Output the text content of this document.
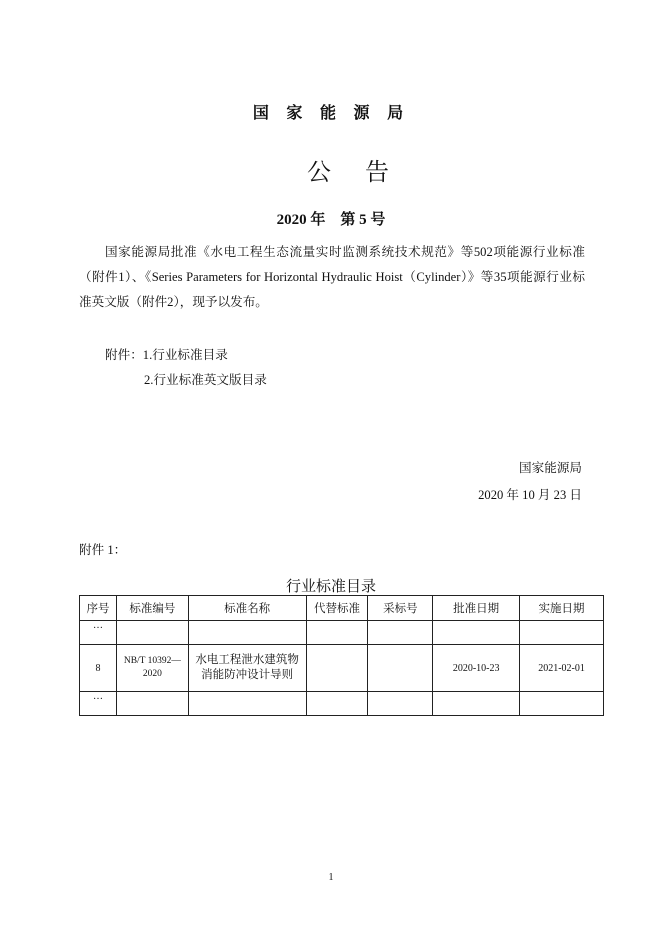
国 家 能 源 局
公告
2020 年 第 5 号
国家能源局批准《水电工程生态流量实时监测系统技术规范》等502项能源行业标准（附件1）、《Series Parameters for Horizontal Hydraulic Hoist（Cylinder）》等35项能源行业标准英文版（附件2），现予以发布。
附件：1.行业标准目录
2.行业标准英文版目录
国家能源局
2020 年 10 月 23 日
附件 1：
行业标准目录
序号	标准编号	标准名称	代替标准	采标号	批准日期	实施日期
…						
8	NB/T 10392—2020	水电工程泄水建筑物消能防冲设计导则			2020-10-23	2021-02-01
…						
1
